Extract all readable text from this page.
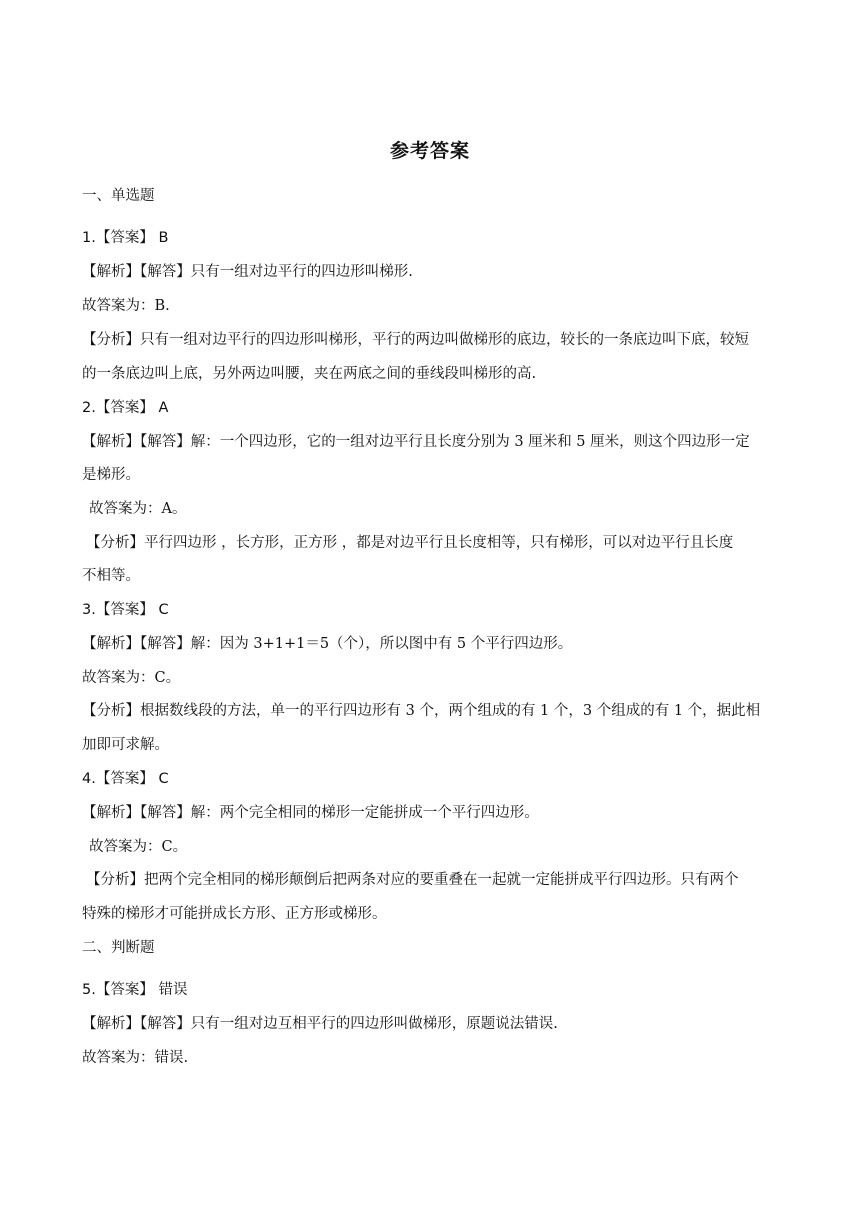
参考答案
一、单选题
1.【答案】 B
【解析】【解答】只有一组对边平行的四边形叫梯形.
故答案为：B.
【分析】只有一组对边平行的四边形叫梯形，平行的两边叫做梯形的底边，较长的一条底边叫下底，较短
的一条底边叫上底，另外两边叫腰，夹在两底之间的垂线段叫梯形的高.
2.【答案】 A
【解析】【解答】解：一个四边形，它的一组对边平行且长度分别为 3 厘米和 5 厘米，则这个四边形一定
是梯形。
故答案为：A。
【分析】平行四边形 ，长方形，正方形 ，都是对边平行且长度相等，只有梯形，可以对边平行且长度
不相等。
3.【答案】 C
【解析】【解答】解：因为 3+1+1＝5（个），所以图中有 5 个平行四边形。
故答案为：C。
【分析】根据数线段的方法，单一的平行四边形有 3 个，两个组成的有 1 个，3 个组成的有 1 个，据此相
加即可求解。
4.【答案】 C
【解析】【解答】解：两个完全相同的梯形一定能拼成一个平行四边形。
故答案为：C。
【分析】把两个完全相同的梯形颠倒后把两条对应的要重叠在一起就一定能拼成平行四边形。只有两个
特殊的梯形才可能拼成长方形、正方形或梯形。
二、判断题
5.【答案】 错误
【解析】【解答】只有一组对边互相平行的四边形叫做梯形，原题说法错误.
故答案为：错误.
